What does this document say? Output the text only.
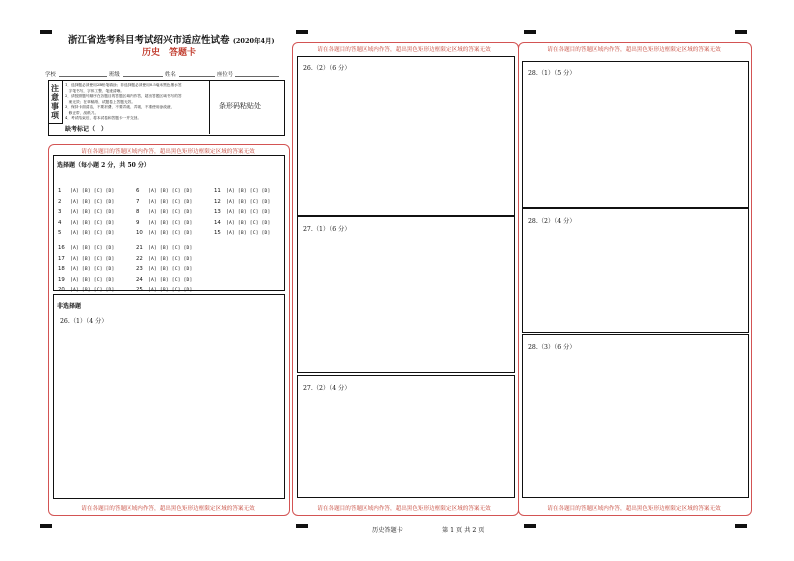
浙江省选考科目考试绍兴市适应性试卷 (2020年4月)
历史　答题卡
学校	班级	姓名	座位号
注意事项
1．选择题必须使用2B铅笔填涂；非选择题必须使用0.5毫米黑色墨水签
　字笔书写，字体工整、笔迹清晰。
2．请按照题号顺序在各题目的答题区域内作答，超出答题区域书写的答
　案无效；在草稿纸、试题卷上答题无效。
3．保持卡面清洁，不要折叠、不要弄破、弄皱，不准使用涂改液、
　修正带、刮纸刀。
4．考试结束后，将本试卷和答题卡一并交回。
缺考标记（　）
条形码粘贴处
请在各题目的答题区域内作答，超出黑色矩形边框限定区域的答案无效
选择题（每小题 2 分，共 50 分）
1 [A] [B] [C] [D]
2 [A] [B] [C] [D]
3 [A] [B] [C] [D]
4 [A] [B] [C] [D]
5 [A] [B] [C] [D]
6 [A] [B] [C] [D]
7 [A] [B] [C] [D]
8 [A] [B] [C] [D]
9 [A] [B] [C] [D]
10 [A] [B] [C] [D]
11 [A] [B] [C] [D]
12 [A] [B] [C] [D]
13 [A] [B] [C] [D]
14 [A] [B] [C] [D]
15 [A] [B] [C] [D]
16 [A] [B] [C] [D]
17 [A] [B] [C] [D]
18 [A] [B] [C] [D]
19 [A] [B] [C] [D]
20 [A] [B] [C] [D]
21 [A] [B] [C] [D]
22 [A] [B] [C] [D]
23 [A] [B] [C] [D]
24 [A] [B] [C] [D]
25 [A] [B] [C] [D]
非选择题
26.（1）（4 分）
请在各题目的答题区域内作答，超出黑色矩形边框限定区域的答案无效
请在各题目的答题区域内作答，超出黑色矩形边框限定区域的答案无效
26.（2）（6 分）
27.（1）（6 分）
27.（2）（4 分）
请在各题目的答题区域内作答，超出黑色矩形边框限定区域的答案无效
请在各题目的答题区域内作答，超出黑色矩形边框限定区域的答案无效
28.（1）（5 分）
28.（2）（4 分）
28.（3）（6 分）
请在各题目的答题区域内作答，超出黑色矩形边框限定区域的答案无效
历史答题卡	第 1 页 共 2 页
